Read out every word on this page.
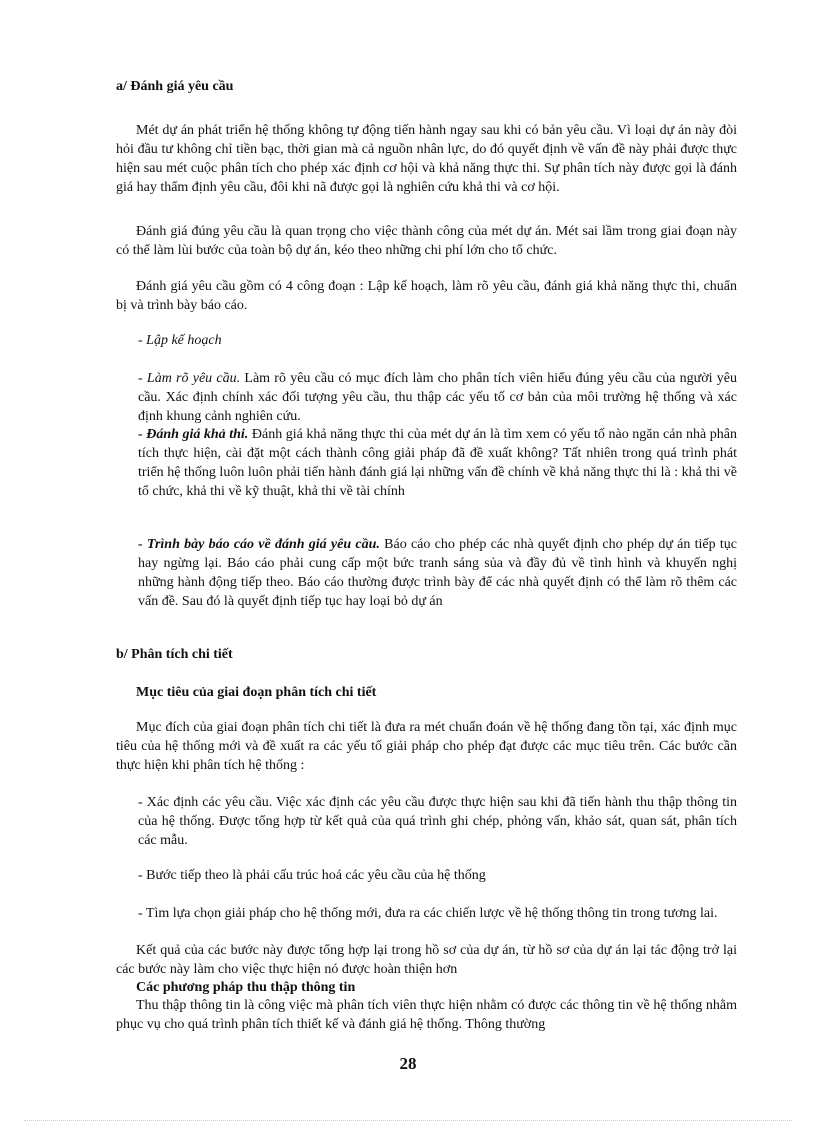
a/ Đánh giá yêu cầu

Mét dự án phát triển hệ thống không tự động tiến hành ngay sau khi có bản yêu cầu. Vì loại dự án này đòi hỏi đầu tư không chỉ tiền bạc, thời gian mà cả nguồn nhân lực, do đó quyết định về vấn đề này phải được thực hiện sau mét cuộc phân tích cho phép xác định cơ hội và khả năng thực thi. Sự phân tích này được gọi là đánh giá hay thẩm định yêu cầu, đôi khi nã được gọi là nghiên cứu khả thi và cơ hội.

Đánh giá đúng yêu cầu là quan trọng cho việc thành công của mét dự án. Mét sai lầm trong giai đoạn này có thể làm lùi bước của toàn bộ dự án, kéo theo những chi phí lớn cho tổ chức.

Đánh giá yêu cầu gồm có 4 công đoạn : Lập kế hoạch, làm rõ yêu cầu, đánh giá khả năng thực thi, chuẩn bị và trình bày báo cáo.

- Lập kế hoạch

- Làm rõ yêu cầu. Làm rõ yêu cầu có mục đích làm cho phân tích viên hiểu đúng yêu cầu của người yêu cầu. Xác định chính xác đối tượng yêu cầu, thu thập các yếu tố cơ bản của môi trường hệ thống và xác định khung cảnh nghiên cứu.

- Đánh giá khả thi. Đánh giá khả năng thực thi của mét dự án là tìm xem có yếu tố nào ngăn cản nhà phân tích thực hiện, cài đặt một cách thành công giải pháp đã đề xuất không? Tất nhiên trong quá trình phát triển hệ thống luôn luôn phải tiến hành đánh giá lại những vấn đề chính về khả năng thực thi là : khả thi về tổ chức, khả thi về kỹ thuật, khả thi về tài chính

- Trình bày báo cáo về đánh giá yêu cầu. Báo cáo cho phép các nhà quyết định cho phép dự án tiếp tục hay ngừng lại. Báo cáo phải cung cấp một bức tranh sáng sủa và đầy đủ về tình hình và khuyến nghị những hành động tiếp theo. Báo cáo thường được trình bày để các nhà quyết định có thể làm rõ thêm các vấn đề. Sau đó là quyết định tiếp tục hay loại bỏ dự án

b/ Phân tích chi tiết

Mục tiêu của giai đoạn phân tích chi tiết

Mục đích của giai đoạn phân tích chi tiết là đưa ra mét chuẩn đoán về hệ thống đang tồn tại, xác định mục tiêu của hệ thống mới và đề xuất ra các yếu tố giải pháp cho phép đạt được các mục tiêu trên. Các bước cần thực hiện khi phân tích hệ thống :

- Xác định các yêu cầu. Việc xác định các yêu cầu được thực hiện sau khi đã tiến hành thu thập thông tin của hệ thống. Được tổng hợp từ kết quả của quá trình ghi chép, phỏng vấn, khảo sát, quan sát, phân tích các mẫu.

- Bước tiếp theo là phải cấu trúc hoá các yêu cầu của hệ thống

- Tìm lựa chọn giải pháp cho hệ thống mới, đưa ra các chiến lược về hệ thống thông tin trong tương lai.

Kết quả của các bước này được tổng hợp lại trong hồ sơ của dự án, từ hồ sơ của dự án lại tác động trở lại các bước này làm cho việc thực hiện nó được hoàn thiện hơn

Các phương pháp thu thập thông tin

Thu thập thông tin là công việc mà phân tích viên thực hiện nhằm có được các thông tin về hệ thống nhằm phục vụ cho quá trình phân tích thiết kế và đánh giá hệ thống. Thông thường

28
